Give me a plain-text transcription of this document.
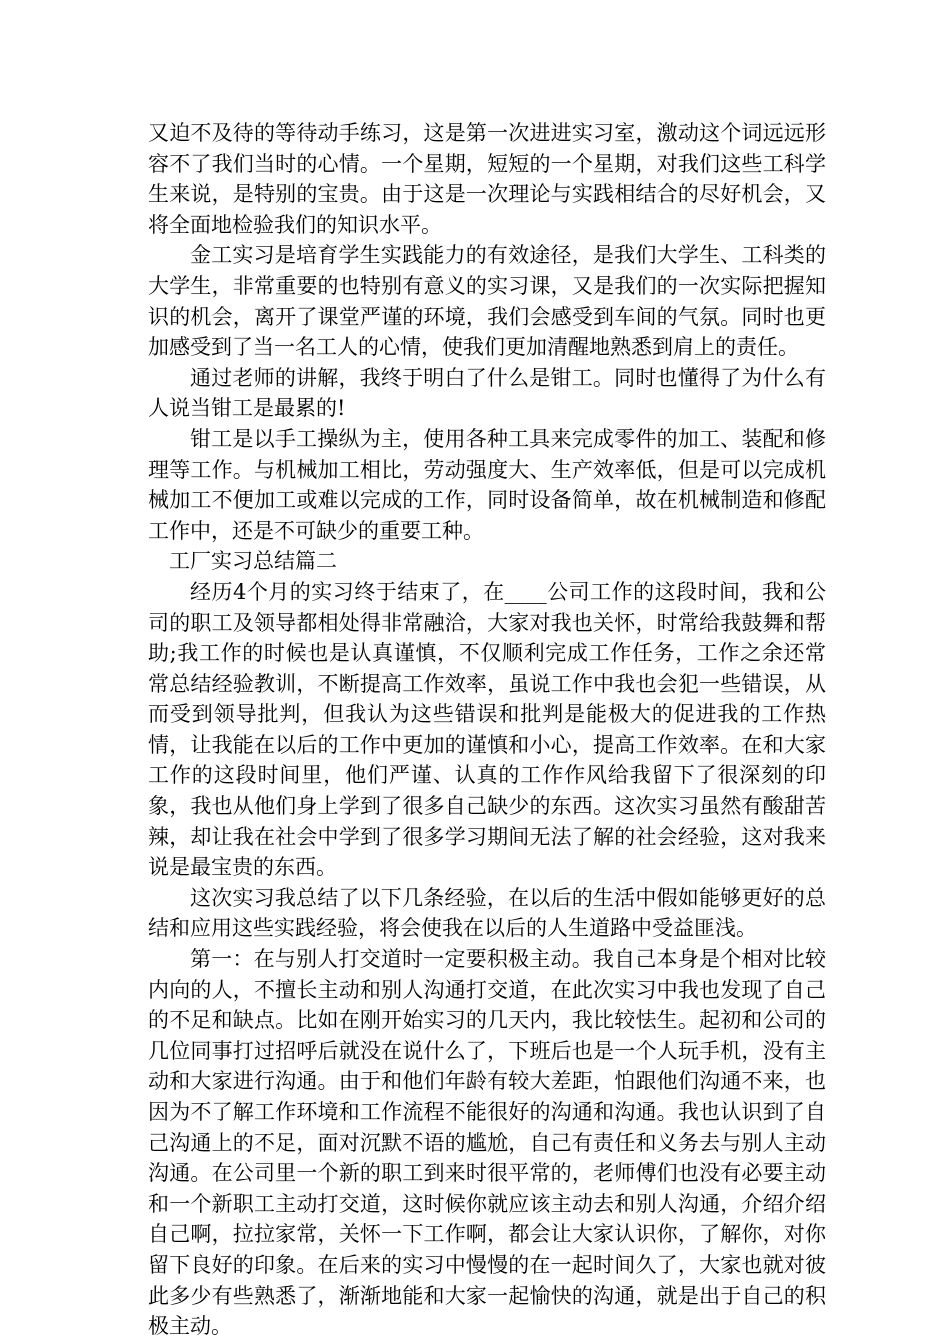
又迫不及待的等待动手练习，这是第一次进进实习室，激动这个词远远形容不了我们当时的心情。一个星期，短短的一个星期，对我们这些工科学生来说，是特别的宝贵。由于这是一次理论与实践相结合的尽好机会，又将全面地检验我们的知识水平。

金工实习是培育学生实践能力的有效途径，是我们大学生、工科类的大学生，非常重要的也特别有意义的实习课，又是我们的一次实际把握知识的机会，离开了课堂严谨的环境，我们会感受到车间的气氛。同时也更加感受到了当一名工人的心情，使我们更加清醒地熟悉到肩上的责任。

通过老师的讲解，我终于明白了什么是钳工。同时也懂得了为什么有人说当钳工是最累的!

钳工是以手工操纵为主，使用各种工具来完成零件的加工、装配和修理等工作。与机械加工相比，劳动强度大、生产效率低，但是可以完成机械加工不便加工或难以完成的工作，同时设备简单，故在机械制造和修配工作中，还是不可缺少的重要工种。

工厂实习总结篇二

经历4个月的实习终于结束了，在____公司工作的这段时间，我和公司的职工及领导都相处得非常融洽，大家对我也关怀，时常给我鼓舞和帮助;我工作的时候也是认真谨慎，不仅顺利完成工作任务，工作之余还常常总结经验教训，不断提高工作效率，虽说工作中我也会犯一些错误，从而受到领导批判，但我认为这些错误和批判是能极大的促进我的工作热情，让我能在以后的工作中更加的谨慎和小心，提高工作效率。在和大家工作的这段时间里，他们严谨、认真的工作作风给我留下了很深刻的印象，我也从他们身上学到了很多自己缺少的东西。这次实习虽然有酸甜苦辣，却让我在社会中学到了很多学习期间无法了解的社会经验，这对我来说是最宝贵的东西。

这次实习我总结了以下几条经验，在以后的生活中假如能够更好的总结和应用这些实践经验，将会使我在以后的人生道路中受益匪浅。

第一：在与别人打交道时一定要积极主动。我自己本身是个相对比较内向的人，不擅长主动和别人沟通打交道，在此次实习中我也发现了自己的不足和缺点。比如在刚开始实习的几天内，我比较怯生。起初和公司的几位同事打过招呼后就没在说什么了，下班后也是一个人玩手机，没有主动和大家进行沟通。由于和他们年龄有较大差距，怕跟他们沟通不来，也因为不了解工作环境和工作流程不能很好的沟通和沟通。我也认识到了自己沟通上的不足，面对沉默不语的尴尬，自己有责任和义务去与别人主动沟通。在公司里一个新的职工到来时很平常的，老师傅们也没有必要主动和一个新职工主动打交道，这时候你就应该主动去和别人沟通，介绍介绍自己啊，拉拉家常，关怀一下工作啊，都会让大家认识你，了解你，对你留下良好的印象。在后来的实习中慢慢的在一起时间久了，大家也就对彼此多少有些熟悉了，渐渐地能和大家一起愉快的沟通，就是出于自己的积极主动。
